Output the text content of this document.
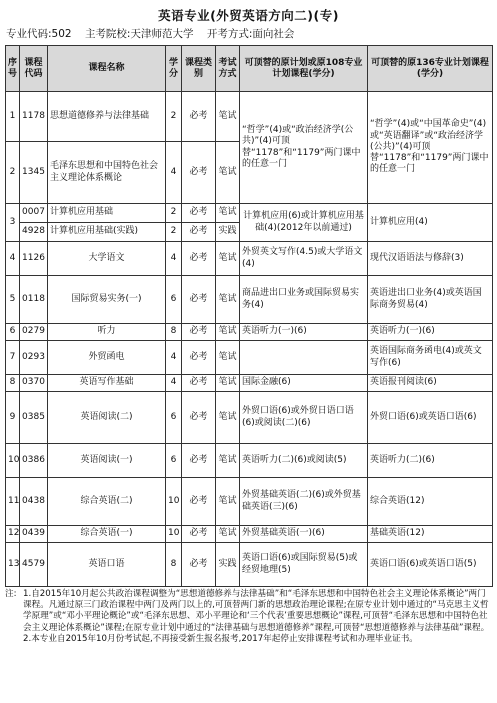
英语专业(外贸英语方向二)(专)
专业代码:502 主考院校:天津师范大学 开考方式:面向社会
序号	课程代码	课程名称	学分	课程类别	考试方式	可顶替的原计划或原108专业计划课程(学分)	可顶替的原136专业计划课程(学分)
1	1178	思想道德修养与法律基础	2	必考	笔试	“哲学”(4)或“政治经济学(公共)”(4)可顶替“1178”和“1179”两门课中的任意一门	“哲学”(4)或“中国革命史”(4)或“英语翻译”或“政治经济学(公共)”(4)可顶替“1178”和“1179”两门课中的任意一门
2	1345	毛泽东思想和中国特色社会主义理论体系概论	4	必考	笔试		
3	0007	计算机应用基础	2	必考	笔试	计算机应用(6)或计算机应用基础(4)(2012年以前通过)	计算机应用(4)
	4928	计算机应用基础(实践)	2	必考	实践		
4	1126	大学语文	4	必考	笔试	外贸英文写作(4.5)或大学语文(4)	现代汉语语法与修辞(3)
5	0118	国际贸易实务(一)	6	必考	笔试	商品进出口业务或国际贸易实务(4)	英语进出口业务(4)或英语国际商务贸易(4)
6	0279	听力	8	必考	笔试	英语听力(一)(6)	英语听力(一)(6)
7	0293	外贸函电	4	必考	笔试		英语国际商务函电(4)或英文写作(6)
8	0370	英语写作基础	4	必考	笔试	国际金融(6)	英语报刊阅读(6)
9	0385	英语阅读(二)	6	必考	笔试	外贸口语(6)或外贸日语口语(6)或阅读(二)(6)	外贸口语(6)或英语口语(6)
10	0386	英语阅读(一)	6	必考	笔试	英语听力(二)(6)或阅读(5)	英语听力(二)(6)
11	0438	综合英语(二)	10	必考	笔试	外贸基础英语(二)(6)或外贸基础英语(三)(6)	综合英语(12)
12	0439	综合英语(一)	10	必考	笔试	外贸基础英语(一)(6)	基础英语(12)
13	4579	英语口语	8	必考	实践	英语口语(6)或国际贸易(5)或经贸地理(5)	英语口语(6)或英语口语(5)
注: 1.自2015年10月起公共政治课程调整为“思想道德修养与法律基础”和“毛泽东思想和中国特色社会主义理论体系概论”两门课程。凡通过原三门政治课程中两门及两门以上的,可顶替两门新的思想政治理论课程;在原专业计划中通过的“马克思主义哲学原理”或“邓小平理论概论”或“毛泽东思想、邓小平理论和‘三个代表’重要思想概论”课程,可顶替“毛泽东思想和中国特色社会主义理论体系概论”课程;在原专业计划中通过的“法律基础与思想道德修养”课程,可顶替“思想道德修养与法律基础”课程。
2.本专业自2015年10月份考试起,不再接受新生报名报考,2017年起停止安排课程考试和办理毕业证书。
